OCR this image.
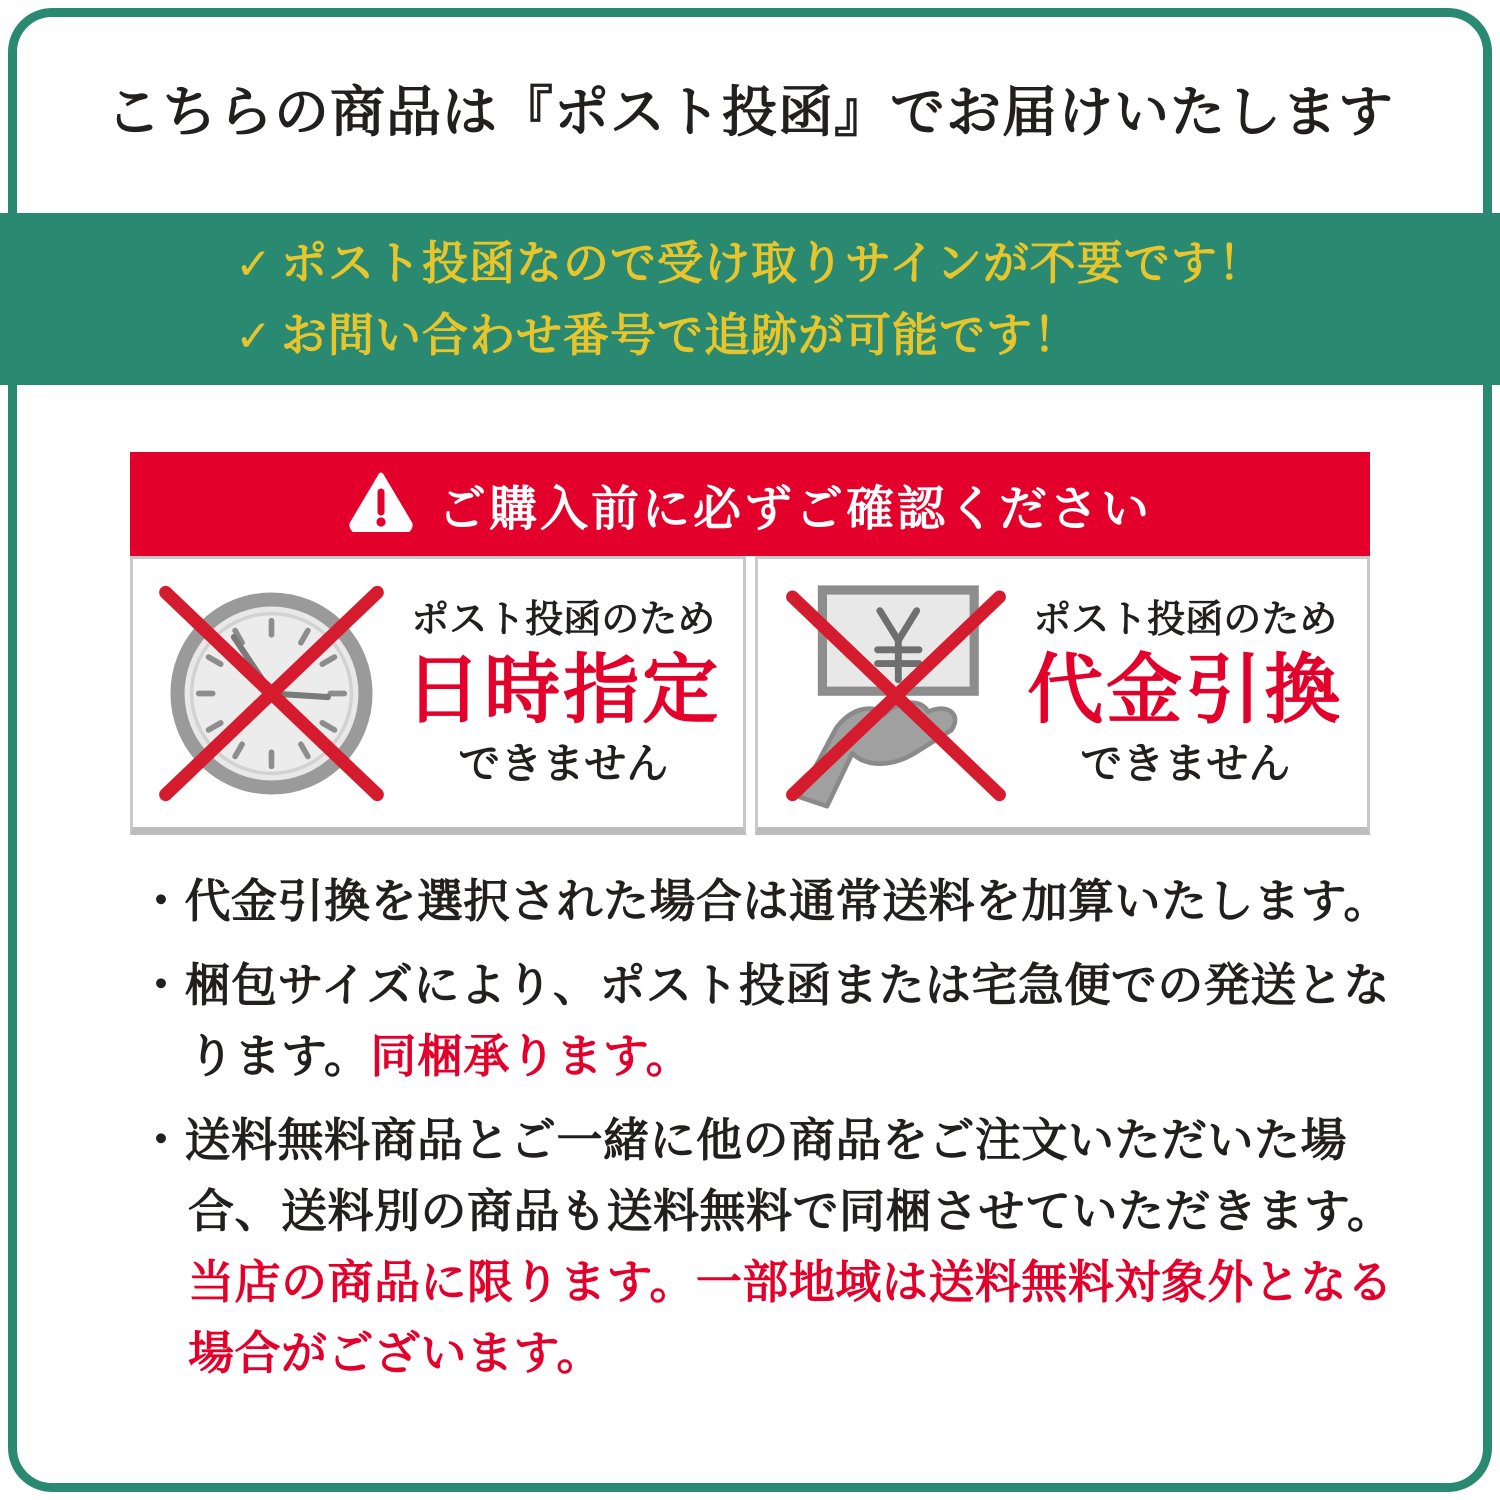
こちらの商品は『ポスト投函』でお届けいたします
✓ ポスト投函なので受け取りサインが不要です！
✓ お問い合わせ番号で追跡が可能です！
ご購入前に必ずご確認ください
ポスト投函のため
日時指定
できません
ポスト投函のため
代金引換
できません
・代金引換を選択された場合は通常送料を加算いたします。
・梱包サイズにより、ポスト投函または宅急便での発送とな
ります。同梱承ります。
・送料無料商品とご一緒に他の商品をご注文いただいた場
合、送料別の商品も送料無料で同梱させていただきます。
当店の商品に限ります。一部地域は送料無料対象外となる
場合がございます。
